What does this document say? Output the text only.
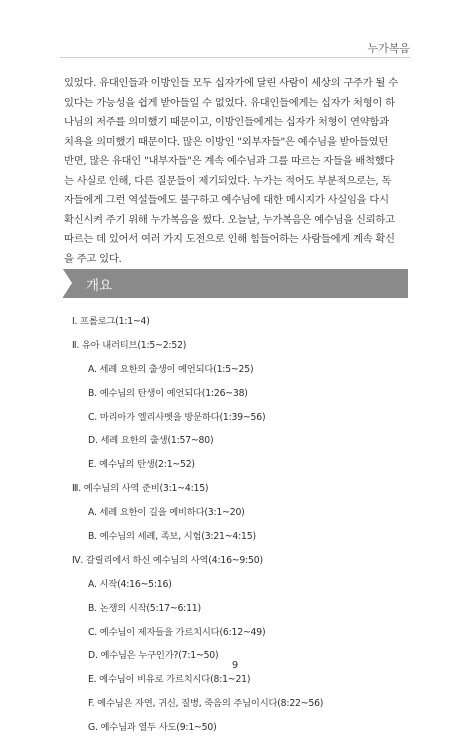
누가복음
있었다. 유대인들과 이방인들 모두 십자가에 달린 사람이 세상의 구주가 될 수
있다는 가능성을 쉽게 받아들일 수 없었다. 유대인들에게는 십자가 처형이 하
나님의 저주를 의미했기 때문이고, 이방인들에게는 십자가 처형이 연약함과
치욕을 의미했기 때문이다. 많은 이방인 "외부자들"은 예수님을 받아들였던
반면, 많은 유대인 "내부자들"은 계속 예수님과 그를 따르는 자들을 배척했다
는 사실로 인해, 다른 질문들이 제기되었다. 누가는 적어도 부분적으로는, 독
자들에게 그런 역설들에도 불구하고 예수님에 대한 메시지가 사실임을 다시
확신시켜 주기 위해 누가복음을 썼다. 오늘날, 누가복음은 예수님을 신뢰하고
따르는 데 있어서 여러 가지 도전으로 인해 힘들어하는 사람들에게 계속 확신
을 주고 있다.
개요
Ⅰ. 프롤로그(1:1~4)
Ⅱ. 유아 내러티브(1:5~2:52)
A. 세례 요한의 출생이 예언되다(1:5~25)
B. 예수님의 탄생이 예언되다(1:26~38)
C. 마리아가 엘리사벳을 방문하다(1:39~56)
D. 세례 요한의 출생(1:57~80)
E. 예수님의 탄생(2:1~52)
Ⅲ. 예수님의 사역 준비(3:1~4:15)
A. 세례 요한이 길을 예비하다(3:1~20)
B. 예수님의 세례, 족보, 시험(3:21~4:15)
Ⅳ. 갈릴리에서 하신 예수님의 사역(4:16~9:50)
A. 시작(4:16~5:16)
B. 논쟁의 시작(5:17~6:11)
C. 예수님이 제자들을 가르치시다(6:12~49)
D. 예수님은 누구인가?(7:1~50)
E. 예수님이 비유로 가르치시다(8:1~21)
F. 예수님은 자연, 귀신, 질병, 죽음의 주님이시다(8:22~56)
G. 예수님과 열두 사도(9:1~50)
9
